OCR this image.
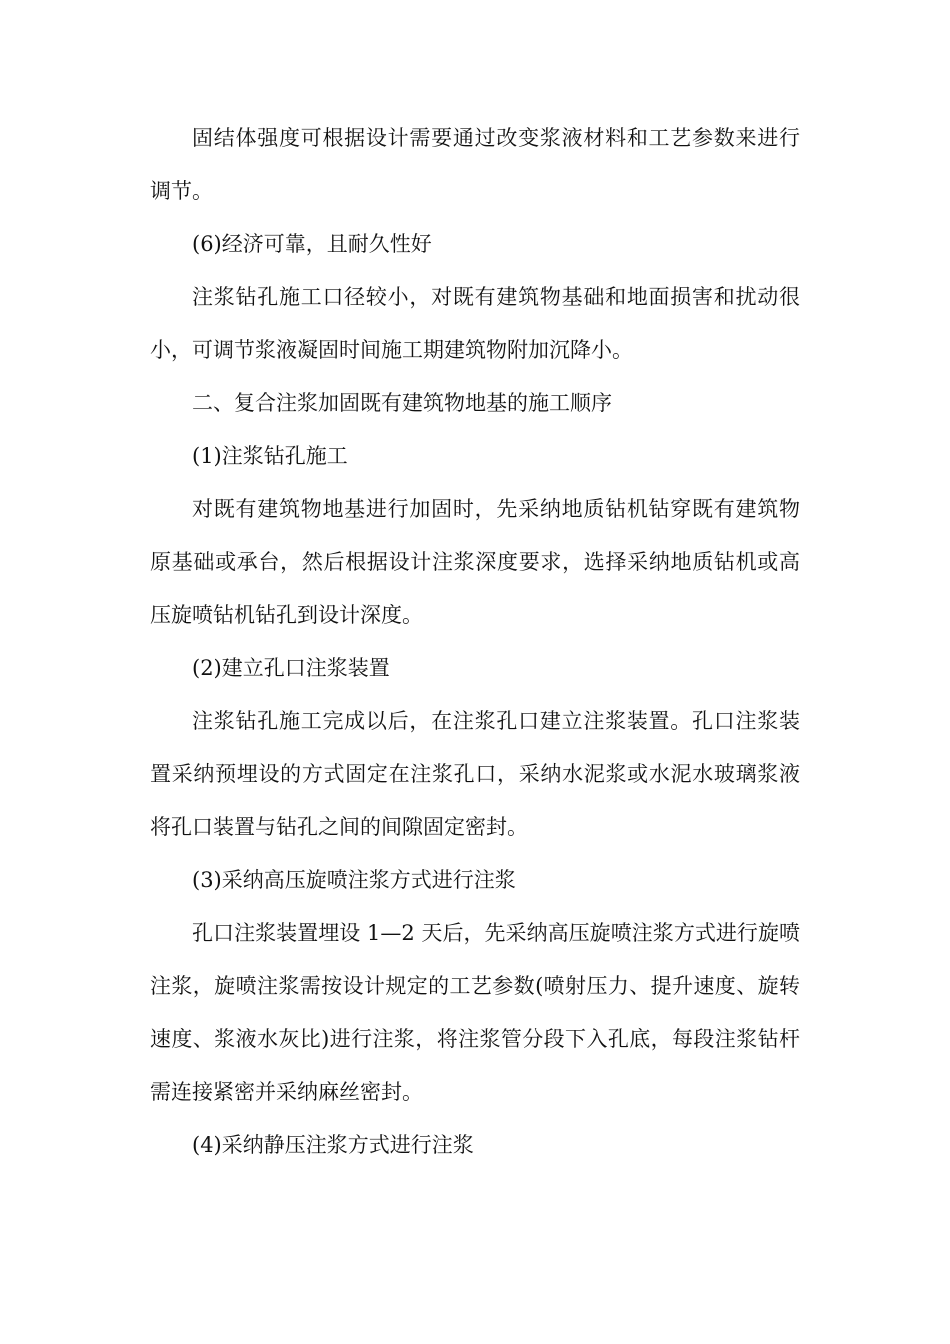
固结体强度可根据设计需要通过改变浆液材料和工艺参数来进行调节。

(6)经济可靠，且耐久性好

注浆钻孔施工口径较小，对既有建筑物基础和地面损害和扰动很小，可调节浆液凝固时间施工期建筑物附加沉降小。

二、复合注浆加固既有建筑物地基的施工顺序

(1)注浆钻孔施工

对既有建筑物地基进行加固时，先采纳地质钻机钻穿既有建筑物原基础或承台，然后根据设计注浆深度要求，选择采纳地质钻机或高压旋喷钻机钻孔到设计深度。

(2)建立孔口注浆装置

注浆钻孔施工完成以后，在注浆孔口建立注浆装置。孔口注浆装置采纳预埋设的方式固定在注浆孔口，采纳水泥浆或水泥水玻璃浆液将孔口装置与钻孔之间的间隙固定密封。

(3)采纳高压旋喷注浆方式进行注浆

孔口注浆装置埋设 1—2 天后，先采纳高压旋喷注浆方式进行旋喷注浆，旋喷注浆需按设计规定的工艺参数(喷射压力、提升速度、旋转速度、浆液水灰比)进行注浆，将注浆管分段下入孔底，每段注浆钻杆需连接紧密并采纳麻丝密封。

(4)采纳静压注浆方式进行注浆
